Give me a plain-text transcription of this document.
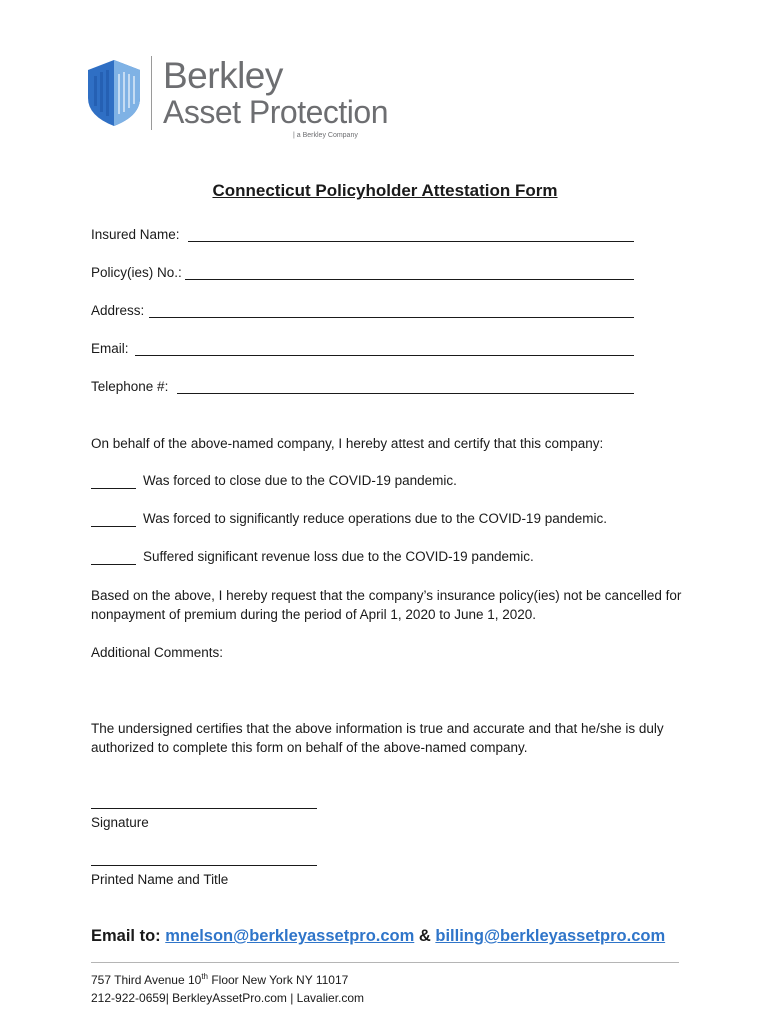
Berkley
Asset Protection
| a Berkley Company
Connecticut Policyholder Attestation Form
Insured Name:
Policy(ies) No.:
Address:
Email:
Telephone #:
On behalf of the above-named company, I hereby attest and certify that this company:
Was forced to close due to the COVID-19 pandemic.
Was forced to significantly reduce operations due to the COVID-19 pandemic.
Suffered significant revenue loss due to the COVID-19 pandemic.
Based on the above, I hereby request that the company’s insurance policy(ies) not be cancelled for nonpayment of premium during the period of April 1, 2020 to June 1, 2020.
Additional Comments:
The undersigned certifies that the above information is true and accurate and that he/she is duly authorized to complete this form on behalf of the above-named company.
Signature
Printed Name and Title
Email to: mnelson@berkleyassetpro.com & billing@berkleyassetpro.com
757 Third Avenue 10th Floor New York NY 11017
212-922-0659| BerkleyAssetPro.com | Lavalier.com
